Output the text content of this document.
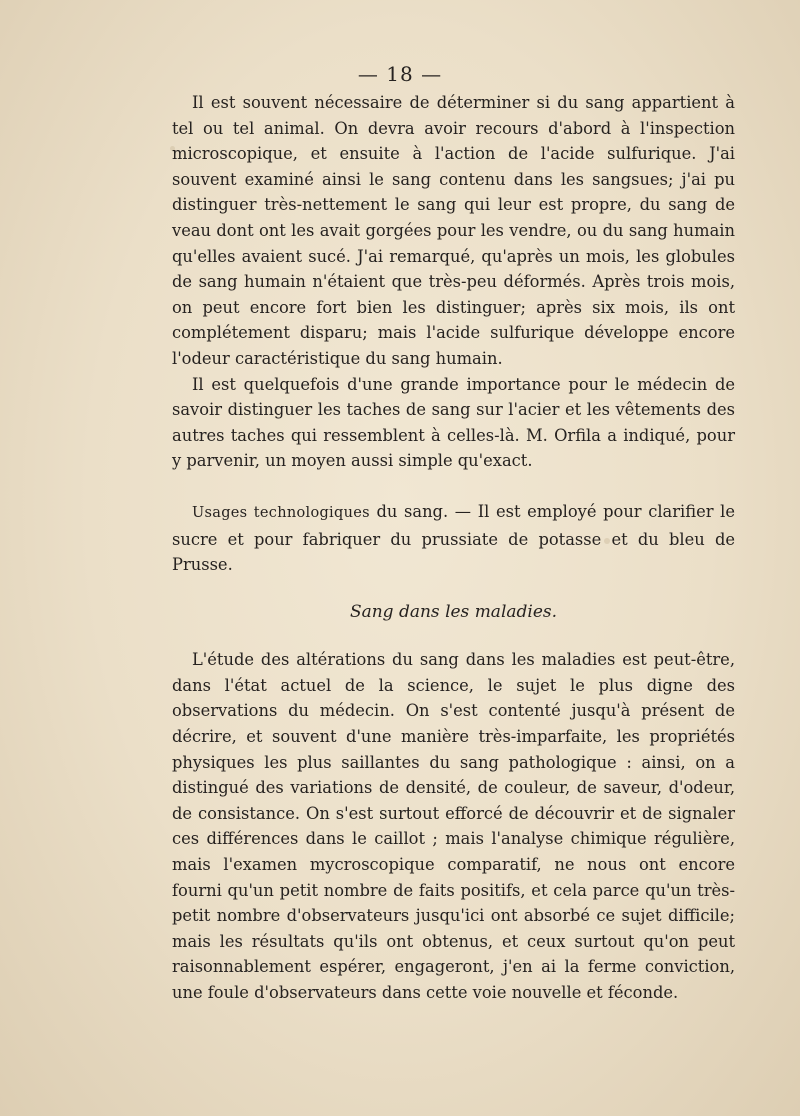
— 18 —

Il est souvent nécessaire de déterminer si du sang appartient à tel ou tel animal. On devra avoir recours d'abord à l'inspection microscopique, et ensuite à l'action de l'acide sulfurique. J'ai souvent examiné ainsi le sang contenu dans les sangsues; j'ai pu distinguer très-nettement le sang qui leur est propre, du sang de veau dont ont les avait gorgées pour les vendre, ou du sang humain qu'elles avaient sucé. J'ai remarqué, qu'après un mois, les globules de sang humain n'étaient que très-peu déformés. Après trois mois, on peut encore fort bien les distinguer; après six mois, ils ont complétement disparu; mais l'acide sulfurique développe encore l'odeur caractéristique du sang humain.

Il est quelquefois d'une grande importance pour le médecin de savoir distinguer les taches de sang sur l'acier et les vêtements des autres taches qui ressemblent à celles-là. M. Orfila a indiqué, pour y parvenir, un moyen aussi simple qu'exact.

Usages technologiques du sang. — Il est employé pour clarifier le sucre et pour fabriquer du prussiate de potasse et du bleu de Prusse.

Sang dans les maladies.

L'étude des altérations du sang dans les maladies est peut-être, dans l'état actuel de la science, le sujet le plus digne des observations du médecin. On s'est contenté jusqu'à présent de décrire, et souvent d'une manière très-imparfaite, les propriétés physiques les plus saillantes du sang pathologique : ainsi, on a distingué des variations de densité, de couleur, de saveur, d'odeur, de consistance. On s'est surtout efforcé de découvrir et de signaler ces différences dans le caillot ; mais l'analyse chimique régulière, mais l'examen mycroscopique comparatif, ne nous ont encore fourni qu'un petit nombre de faits positifs, et cela parce qu'un très-petit nombre d'observateurs jusqu'ici ont absorbé ce sujet difficile; mais les résultats qu'ils ont obtenus, et ceux surtout qu'on peut raisonnablement espérer, engageront, j'en ai la ferme conviction, une foule d'observateurs dans cette voie nouvelle et féconde.
